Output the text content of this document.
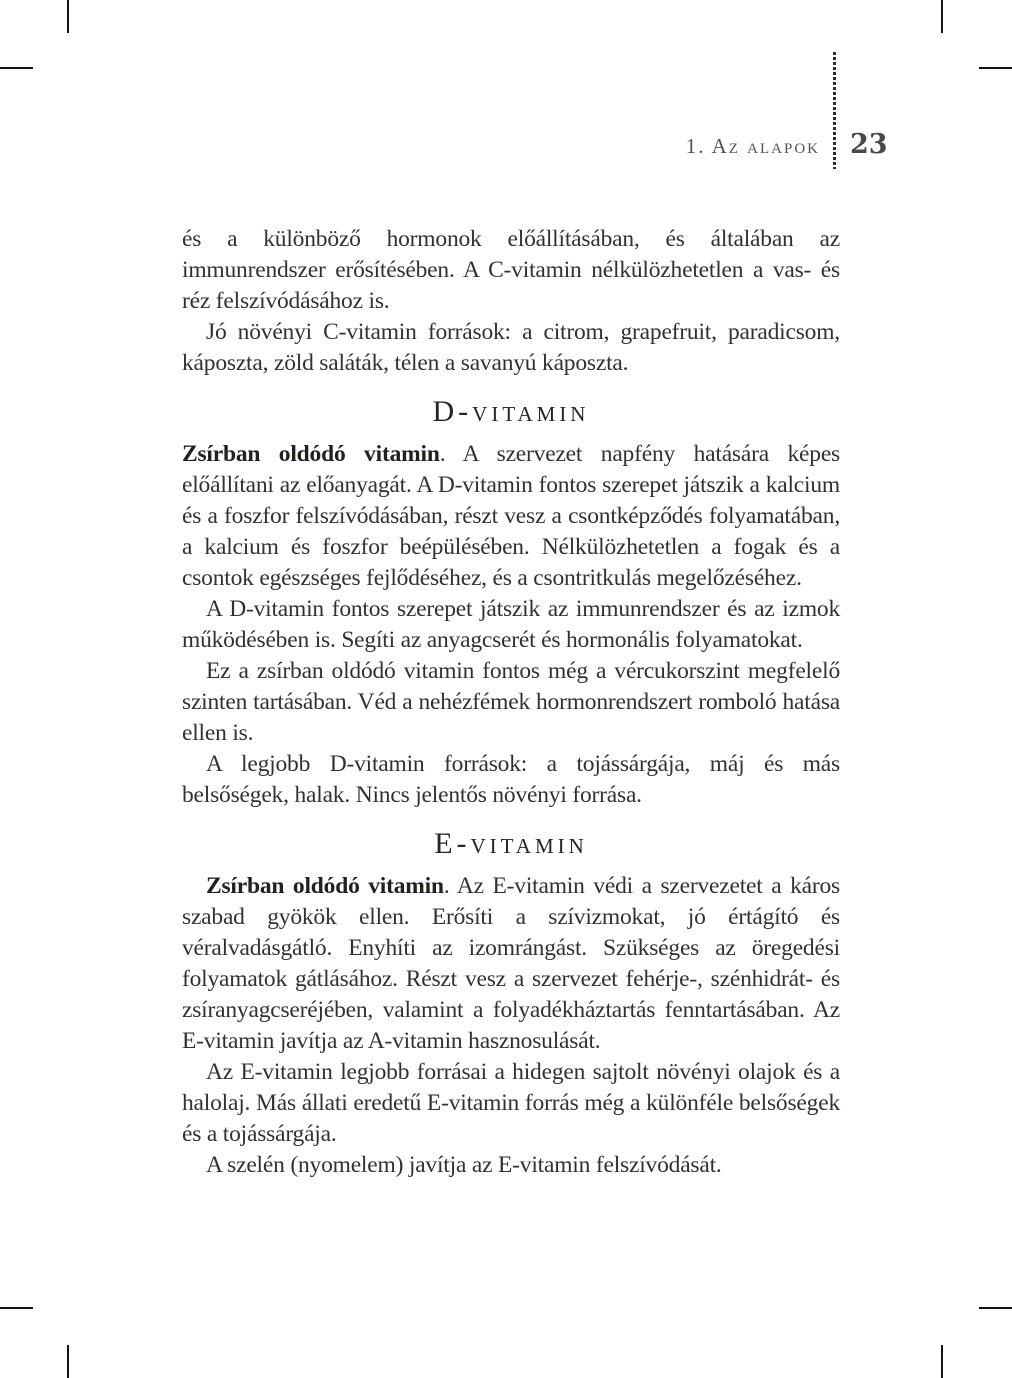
1. Az alapok 23

és a különböző hormonok előállításában, és általában az immunrendszer erősítésében. A C-vitamin nélkülözhetetlen a vas- és réz felszívódásához is.

Jó növényi C-vitamin források: a citrom, grapefruit, paradicsom, káposzta, zöld saláták, télen a savanyú káposzta.

D-vitamin

Zsírban oldódó vitamin. A szervezet napfény hatására képes előállítani az előanyagát. A D-vitamin fontos szerepet játszik a kalcium és a foszfor felszívódásában, részt vesz a csontképződés folyamatában, a kalcium és foszfor beépülésében. Nélkülözhetetlen a fogak és a csontok egészséges fejlődéséhez, és a csontritkulás megelőzéséhez.

A D-vitamin fontos szerepet játszik az immunrendszer és az izmok működésében is. Segíti az anyagcserét és hormonális folyamatokat.

Ez a zsírban oldódó vitamin fontos még a vércukorszint megfelelő szinten tartásában. Véd a nehézfémek hormonrendszert romboló hatása ellen is.

A legjobb D-vitamin források: a tojássárgája, máj és más belsőségek, halak. Nincs jelentős növényi forrása.

E-vitamin

Zsírban oldódó vitamin. Az E-vitamin védi a szervezetet a káros szabad gyökök ellen. Erősíti a szívizmokat, jó értágító és véralvadásgátló. Enyhíti az izomrángást. Szükséges az öregedési folyamatok gátlásához. Részt vesz a szervezet fehérje-, szénhidrát- és zsíranyagcseréjében, valamint a folyadékháztartás fenntartásában. Az E-vitamin javítja az A-vitamin hasznosulását.

Az E-vitamin legjobb forrásai a hidegen sajtolt növényi olajok és a halolaj. Más állati eredetű E-vitamin forrás még a különféle belsőségek és a tojássárgája.

A szelén (nyomelem) javítja az E-vitamin felszívódását.
